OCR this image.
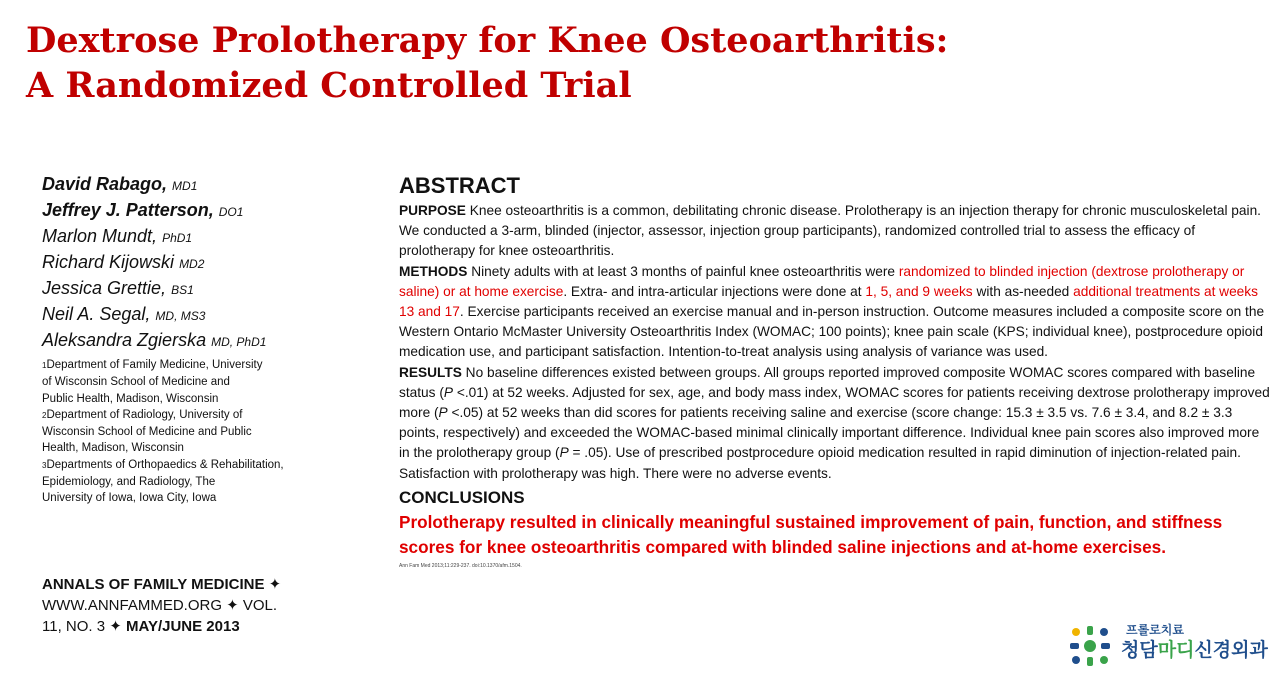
Dextrose Prolotherapy for Knee Osteoarthritis:
A Randomized Controlled Trial
David Rabago, MD1
Jeffrey J. Patterson, DO1
Marlon Mundt, PhD1
Richard Kijowski MD2
Jessica Grettie, BS1
Neil A. Segal, MD, MS3
Aleksandra Zgierska MD, PhD1
1Department of Family Medicine, University
of Wisconsin School of Medicine and
Public Health, Madison, Wisconsin
2Department of Radiology, University of
Wisconsin School of Medicine and Public
Health, Madison, Wisconsin
3Departments of Orthopaedics & Rehabilitation,
Epidemiology, and Radiology, The
University of Iowa, Iowa City, Iowa
ANNALS OF FAMILY MEDICINE ✦
WWW.ANNFAMMED.ORG ✦ VOL.
11, NO. 3 ✦ MAY/JUNE 2013
ABSTRACT
PURPOSE Knee osteoarthritis is a common, debilitating chronic disease. Prolotherapy is an injection therapy for chronic musculoskeletal pain. We conducted a 3-arm, blinded (injector, assessor, injection group participants), randomized controlled trial to assess the efficacy of prolotherapy for knee osteoarthritis.
METHODS Ninety adults with at least 3 months of painful knee osteoarthritis were randomized to blinded injection (dextrose prolotherapy or saline) or at home exercise. Extra- and intra-articular injections were done at 1, 5, and 9 weeks with as-needed additional treatments at weeks 13 and 17. Exercise participants received an exercise manual and in-person instruction. Outcome measures included a composite score on the Western Ontario McMaster University Osteoarthritis Index (WOMAC; 100 points); knee pain scale (KPS; individual knee), postprocedure opioid medication use, and participant satisfaction. Intention-to-treat analysis using analysis of variance was used.
RESULTS No baseline differences existed between groups. All groups reported improved composite WOMAC scores compared with baseline status (P <.01) at 52 weeks. Adjusted for sex, age, and body mass index, WOMAC scores for patients receiving dextrose prolotherapy improved more (P <.05) at 52 weeks than did scores for patients receiving saline and exercise (score change: 15.3 ± 3.5 vs. 7.6 ± 3.4, and 8.2 ± 3.3 points, respectively) and exceeded the WOMAC-based minimal clinically important difference. Individual knee pain scores also improved more in the prolotherapy group (P = .05). Use of prescribed postprocedure opioid medication resulted in rapid diminution of injection-related pain. Satisfaction with prolotherapy was high. There were no adverse events.
CONCLUSIONS
Prolotherapy resulted in clinically meaningful sustained improvement of pain, function, and stiffness scores for knee osteoarthritis compared with blinded saline injections and at-home exercises.
Ann Fam Med 2013;11:229-237. doi:10.1370/afm.1504.
프롤로치료
청담마디신경외과
